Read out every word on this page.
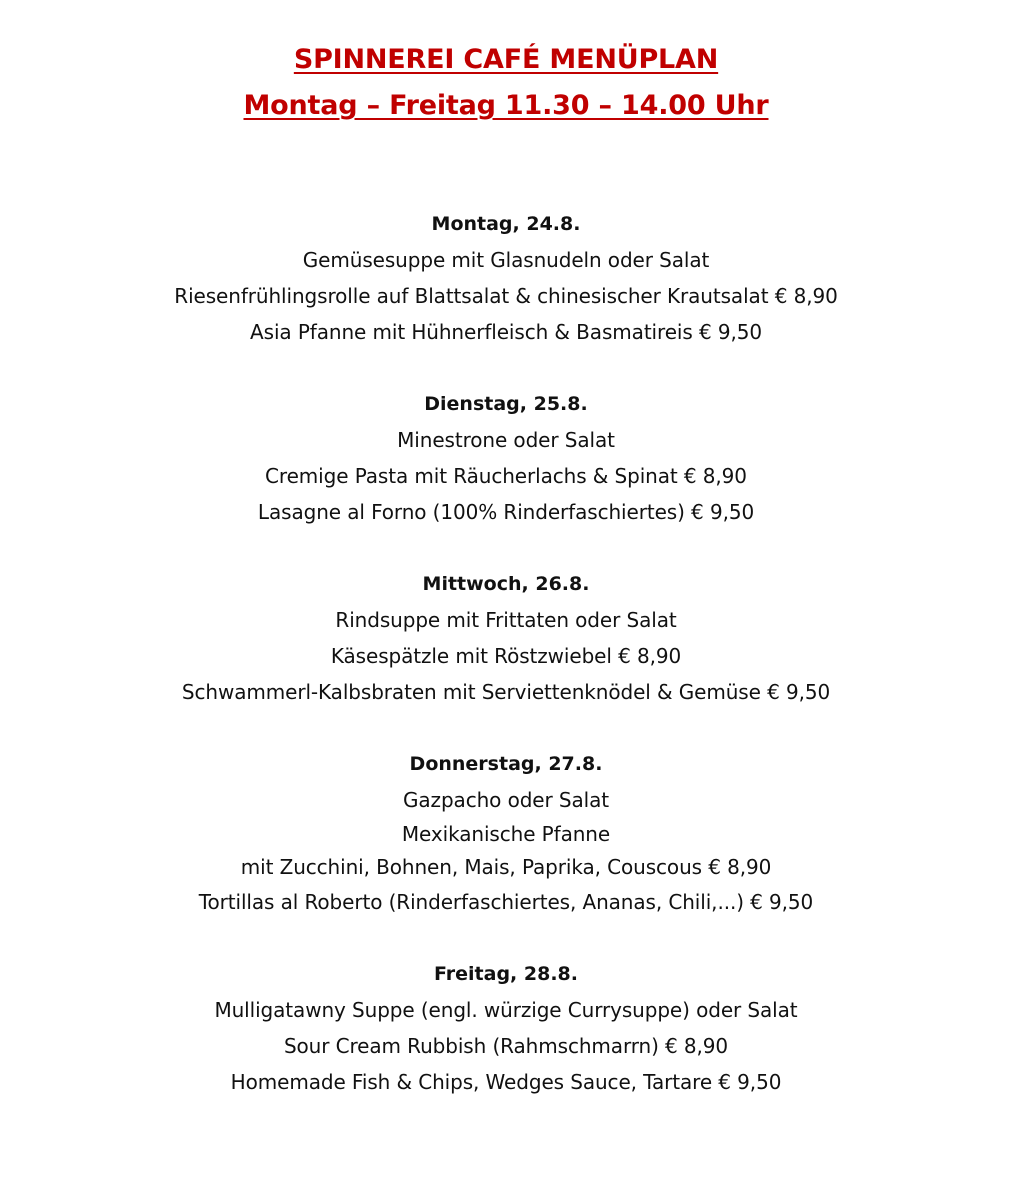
SPINNEREI CAFÉ MENÜPLAN
Montag – Freitag 11.30 – 14.00 Uhr

Montag, 24.8.

Gemüsesuppe mit Glasnudeln oder Salat

Riesenfrühlingsrolle auf Blattsalat & chinesischer Krautsalat € 8,90

Asia Pfanne mit Hühnerfleisch & Basmatireis € 9,50

Dienstag, 25.8.

Minestrone oder Salat

Cremige Pasta mit Räucherlachs & Spinat € 8,90

Lasagne al Forno (100% Rinderfaschiertes) € 9,50

Mittwoch, 26.8.

Rindsuppe mit Frittaten oder Salat

Käsespätzle mit Röstzwiebel € 8,90

Schwammerl-Kalbsbraten mit Serviettenknödel & Gemüse € 9,50

Donnerstag, 27.8.

Gazpacho oder Salat

Mexikanische Pfanne

mit Zucchini, Bohnen, Mais, Paprika, Couscous € 8,90

Tortillas al Roberto (Rinderfaschiertes, Ananas, Chili,...) € 9,50

Freitag, 28.8.

Mulligatawny Suppe (engl. würzige Currysuppe) oder Salat

Sour Cream Rubbish (Rahmschmarrn) € 8,90

Homemade Fish & Chips, Wedges Sauce, Tartare € 9,50
